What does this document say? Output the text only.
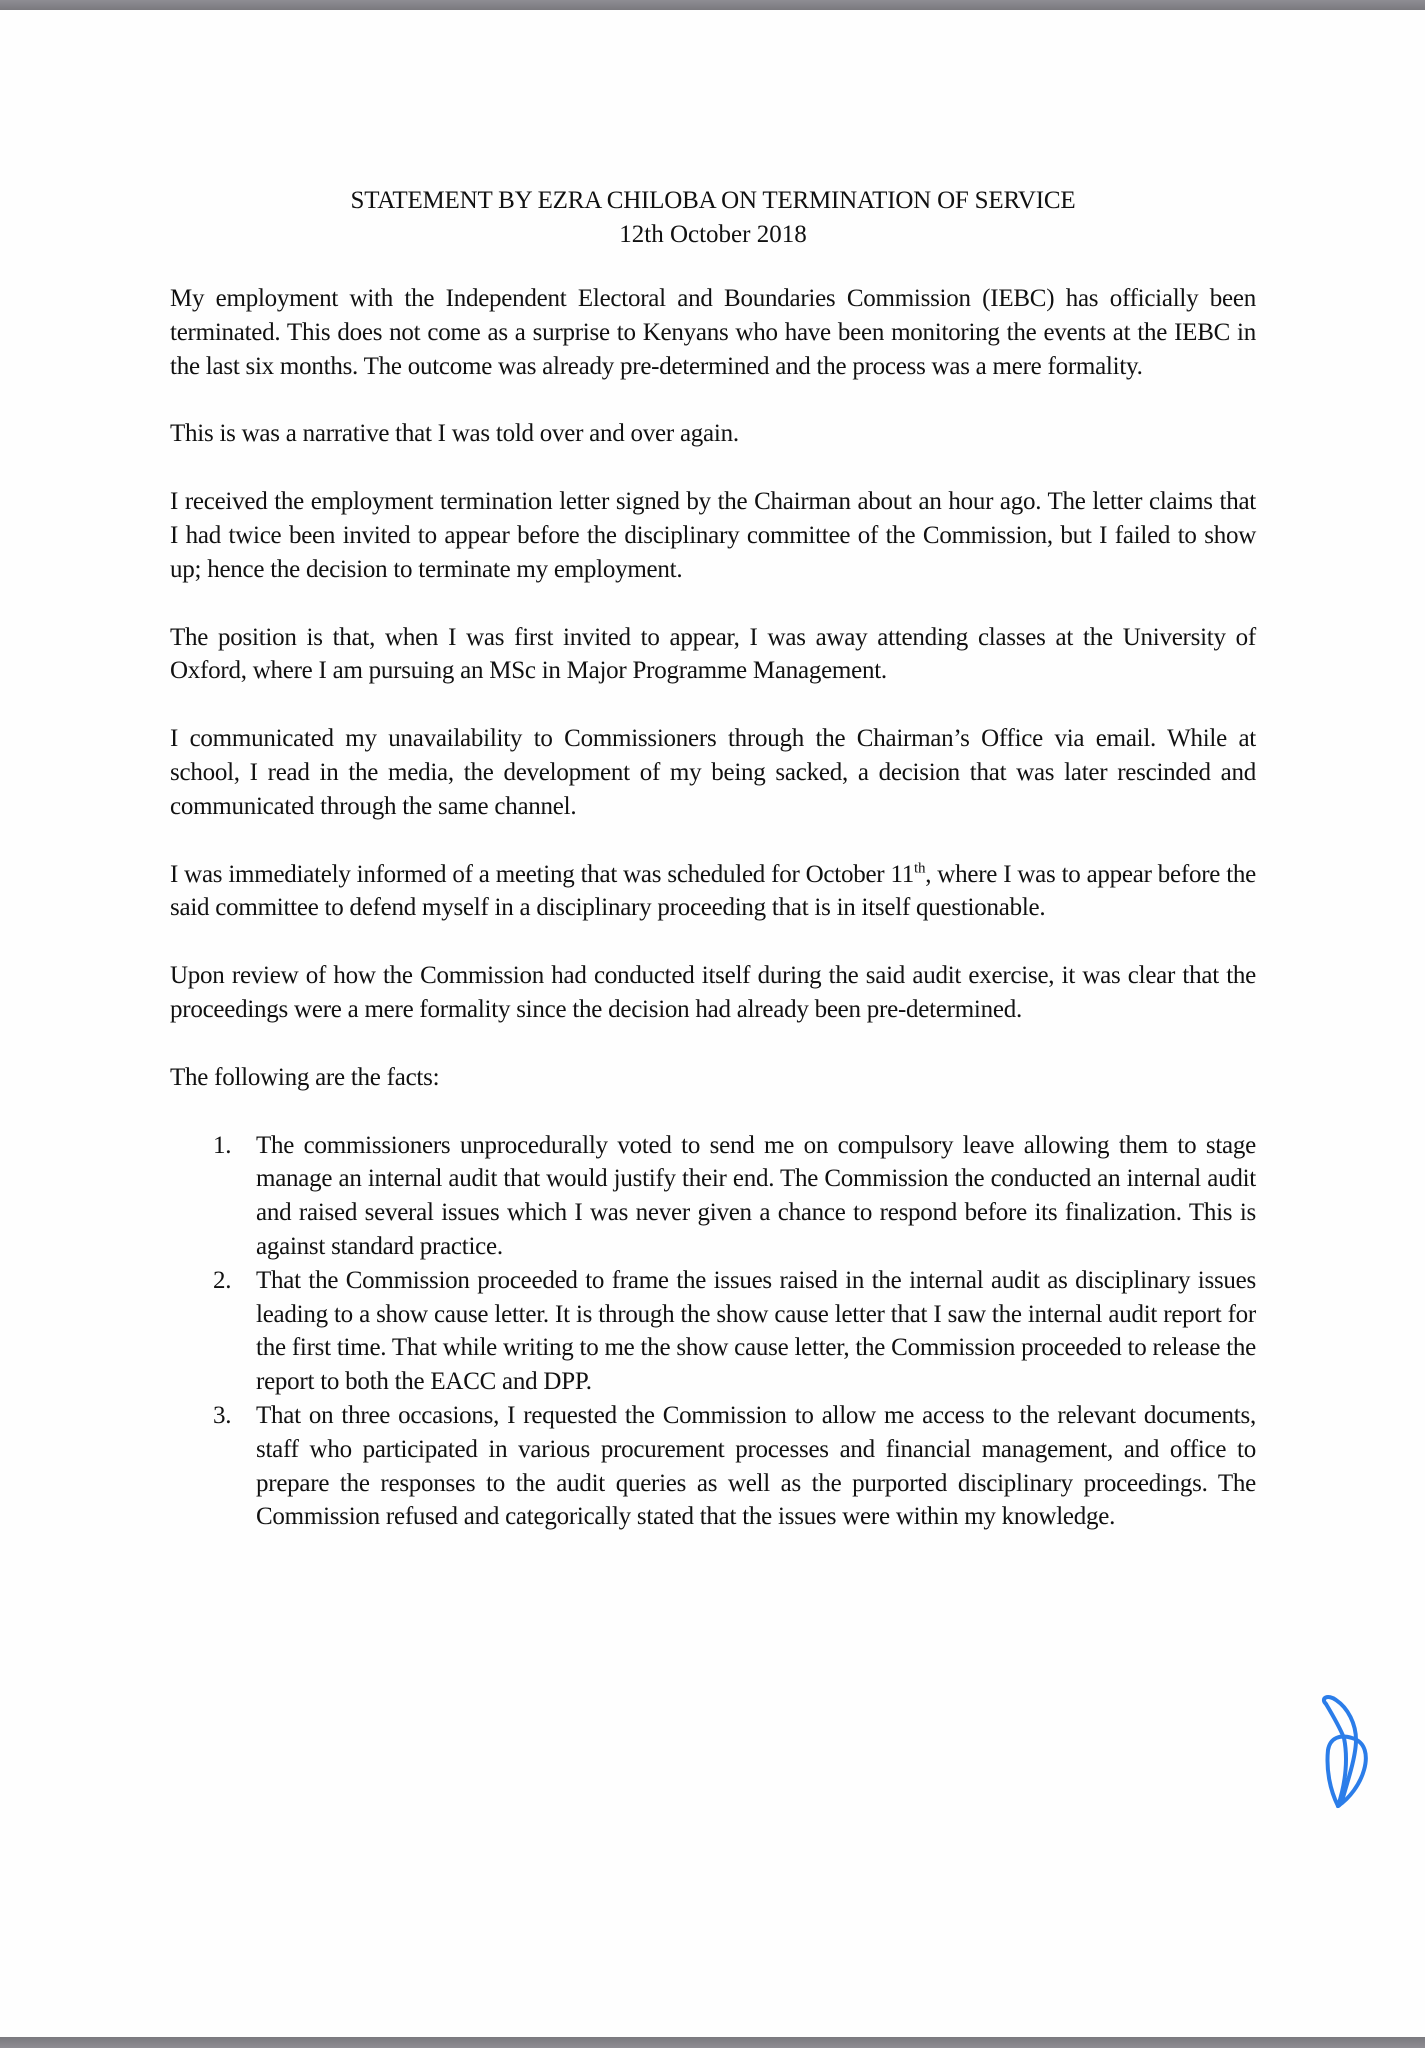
STATEMENT BY EZRA CHILOBA ON TERMINATION OF SERVICE
12th October 2018

My employment with the Independent Electoral and Boundaries Commission (IEBC) has officially been terminated. This does not come as a surprise to Kenyans who have been monitoring the events at the IEBC in the last six months. The outcome was already pre-determined and the process was a mere formality.

This is was a narrative that I was told over and over again.

I received the employment termination letter signed by the Chairman about an hour ago. The letter claims that I had twice been invited to appear before the disciplinary committee of the Commission, but I failed to show up; hence the decision to terminate my employment.

The position is that, when I was first invited to appear, I was away attending classes at the University of Oxford, where I am pursuing an MSc in Major Programme Management.

I communicated my unavailability to Commissioners through the Chairman’s Office via email. While at school, I read in the media, the development of my being sacked, a decision that was later rescinded and communicated through the same channel.

I was immediately informed of a meeting that was scheduled for October 11th, where I was to appear before the said committee to defend myself in a disciplinary proceeding that is in itself questionable.

Upon review of how the Commission had conducted itself during the said audit exercise, it was clear that the proceedings were a mere formality since the decision had already been pre-determined.

The following are the facts:

1. The commissioners unprocedurally voted to send me on compulsory leave allowing them to stage manage an internal audit that would justify their end. The Commission the conducted an internal audit and raised several issues which I was never given a chance to respond before its finalization. This is against standard practice.
2. That the Commission proceeded to frame the issues raised in the internal audit as disciplinary issues leading to a show cause letter. It is through the show cause letter that I saw the internal audit report for the first time. That while writing to me the show cause letter, the Commission proceeded to release the report to both the EACC and DPP.
3. That on three occasions, I requested the Commission to allow me access to the relevant documents, staff who participated in various procurement processes and financial management, and office to prepare the responses to the audit queries as well as the purported disciplinary proceedings. The Commission refused and categorically stated that the issues were within my knowledge.
